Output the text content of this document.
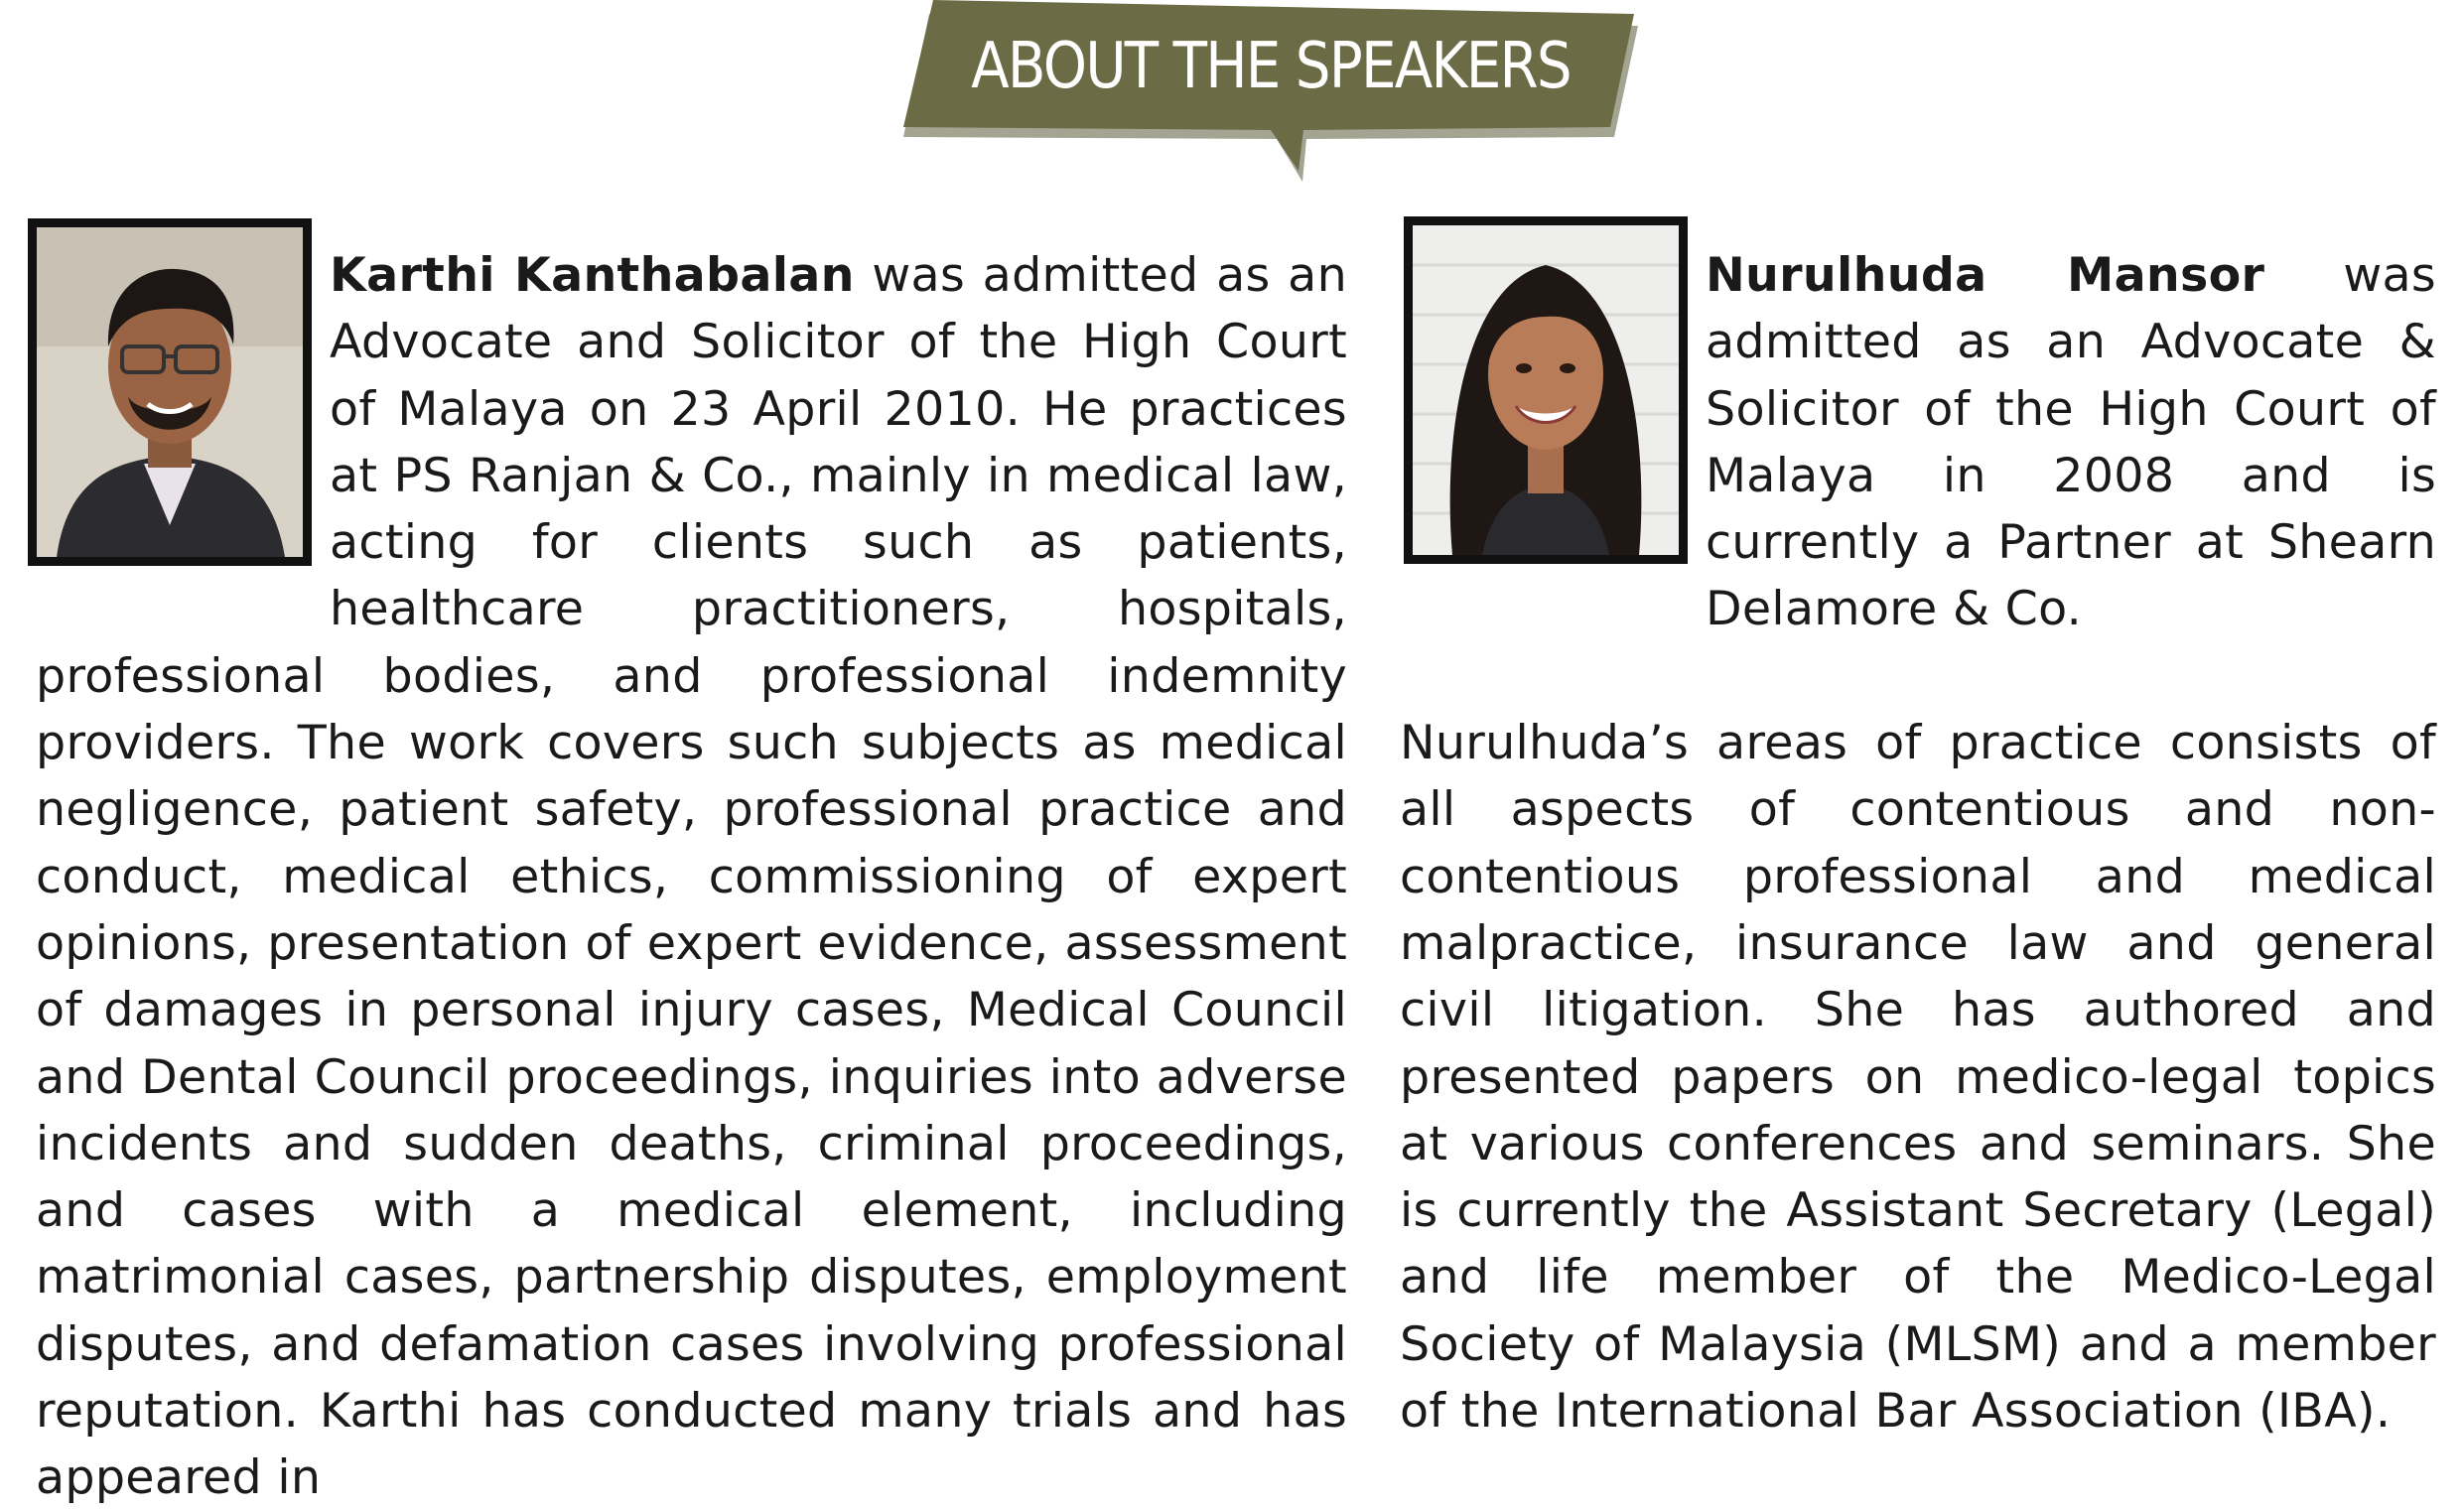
ABOUT THE SPEAKERS

Karthi Kanthabalan was admitted as an Advocate and Solicitor of the High Court of Malaya on 23 April 2010. He practices at PS Ranjan & Co., mainly in medical law, acting for clients such as patients, healthcare practitioners, hospitals, professional bodies, and professional indemnity providers. The work covers such subjects as medical negligence, patient safety, professional practice and conduct, medical ethics, commissioning of expert opinions, presentation of expert evidence, assessment of damages in personal injury cases, Medical Council and Dental Council proceedings, inquiries into adverse incidents and sudden deaths, criminal proceedings, and cases with a medical element, including matrimonial cases, partnership disputes, employment disputes, and defamation cases involving professional reputation. Karthi has conducted many trials and has appeared in

Nurulhuda Mansor was admitted as an Advocate & Solicitor of the High Court of Malaya in 2008 and is currently a Partner at Shearn Delamore & Co.

Nurulhuda’s areas of practice consists of all aspects of contentious and non-contentious professional and medical malpractice, insurance law and general civil litigation. She has authored and presented papers on medico-legal topics at various conferences and seminars. She is currently the Assistant Secretary (Legal) and life member of the Medico-Legal Society of Malaysia (MLSM) and a member of the International Bar Association (IBA).
